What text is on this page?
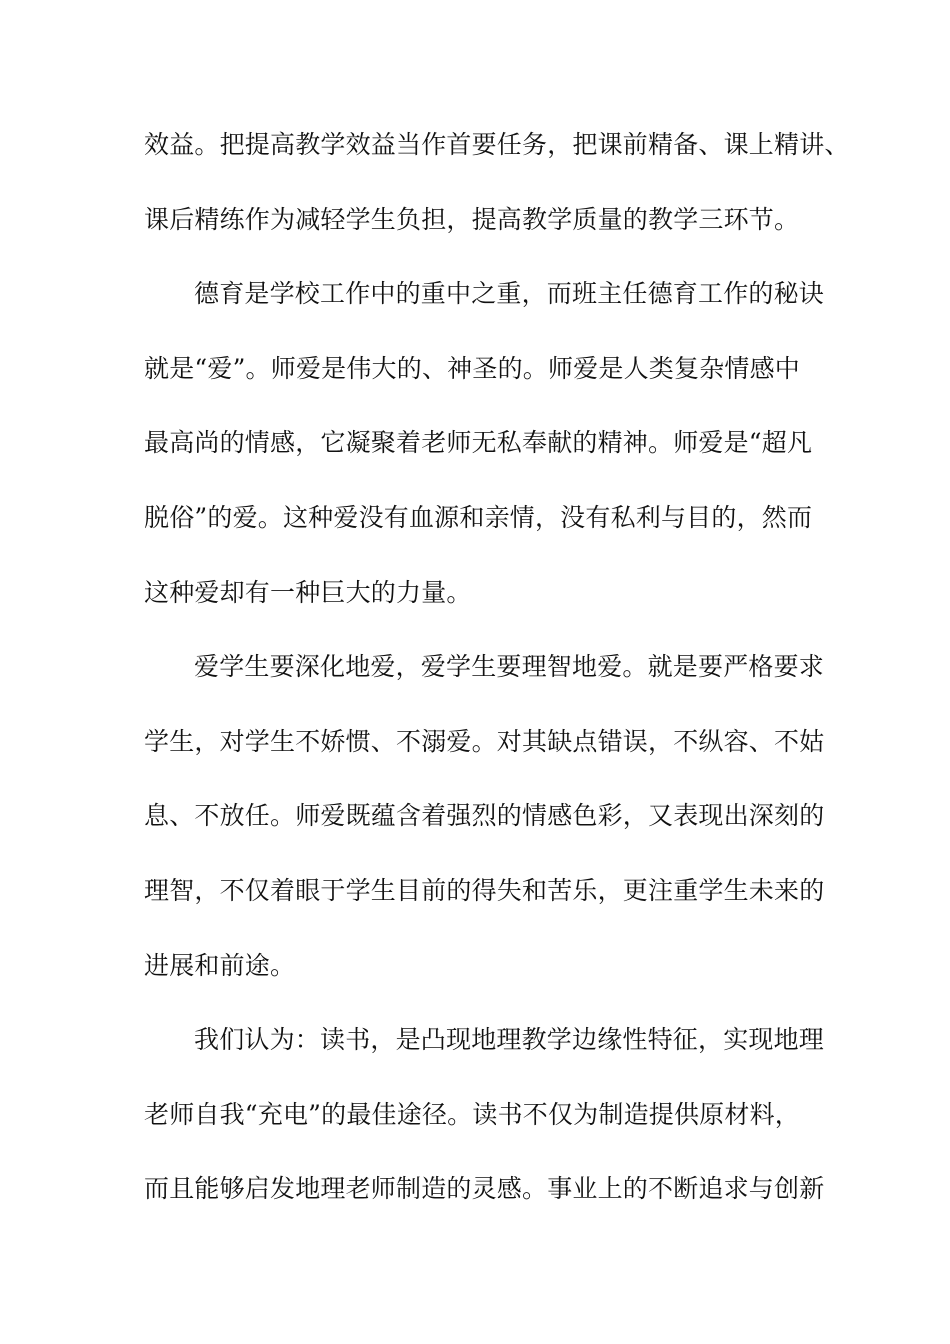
效益。把提高教学效益当作首要任务，把课前精备、课上精讲、
课后精练作为减轻学生负担，提高教学质量的教学三环节。
德育是学校工作中的重中之重，而班主任德育工作的秘诀
就是“爱”。师爱是伟大的、神圣的。师爱是人类复杂情感中
最高尚的情感，它凝聚着老师无私奉献的精神。师爱是“超凡
脱俗”的爱。这种爱没有血源和亲情，没有私利与目的，然而
这种爱却有一种巨大的力量。
爱学生要深化地爱，爱学生要理智地爱。就是要严格要求
学生，对学生不娇惯、不溺爱。对其缺点错误，不纵容、不姑
息、不放任。师爱既蕴含着强烈的情感色彩，又表现出深刻的
理智，不仅着眼于学生目前的得失和苦乐，更注重学生未来的
进展和前途。
我们认为：读书，是凸现地理教学边缘性特征，实现地理
老师自我“充电”的最佳途径。读书不仅为制造提供原材料，
而且能够启发地理老师制造的灵感。事业上的不断追求与创新
